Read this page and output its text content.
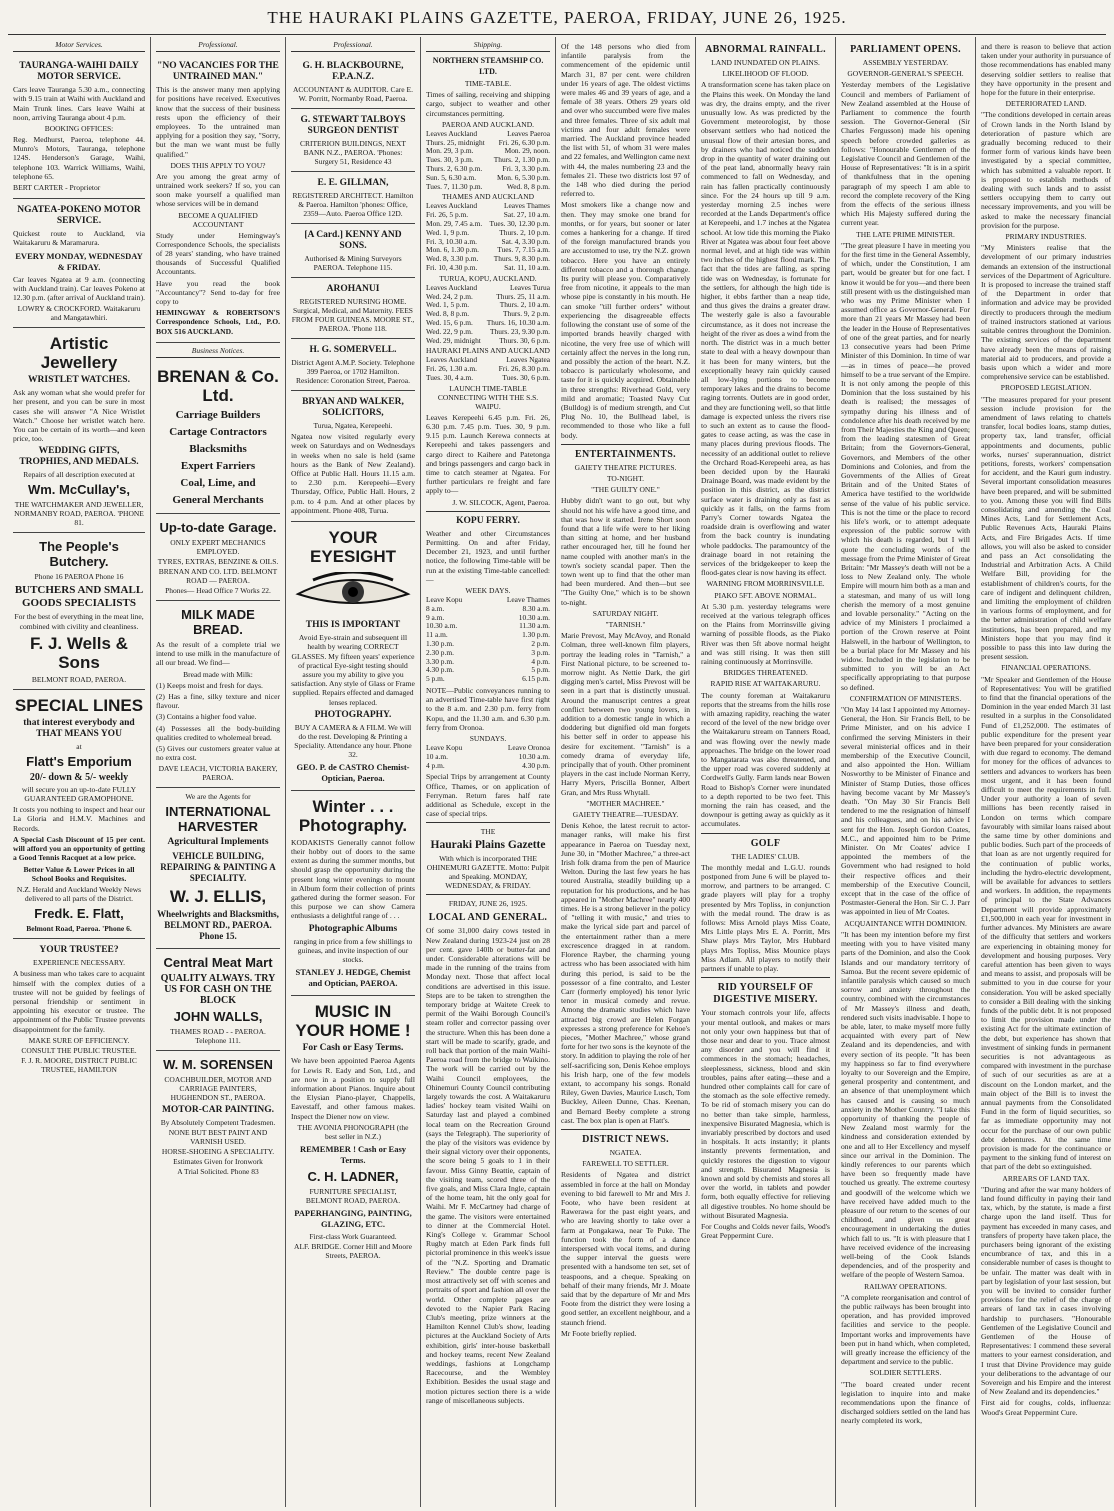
THE HAURAKI PLAINS GAZETTE, PAEROA, FRIDAY, JUNE 26, 1925.
Motor Services.
TAURANGA-WAIHI DAILY MOTOR SERVICE.
Cars leave Tauranga 5.30 a.m., connecting with 9.15 train at Waihi with Auckland and Main Trunk lines. Cars leave Waihi at noon, arriving Tauranga about 4 p.m.
BOOKING OFFICES:
Reg. Medhurst, Paeroa, telephone 44. Munro's Motors, Tauranga, telephone 124S. Henderson's Garage, Waihi, telephone 103. Warrick Williams, Waihi, telephone 65.
BERT CARTER - Proprietor
NGATEA-POKENO MOTOR SERVICE.
Quickest route to Auckland, via Waitakaruru & Maramarura.
EVERY MONDAY, WEDNESDAY & FRIDAY.
Car leaves Ngatea at 9 a.m. (connecting with Auckland train). Car leaves Pokeno at 12.30 p.m. (after arrival of Auckland train).
LOWRY & CROCKFORD. Waitakaruru and Mangatawhiri.
Artistic Jewellery
WRISTLET WATCHES.
Ask any woman what she would prefer for her present, and you can be sure in most cases she will answer "A Nice Wristlet Watch." Choose her wristlet watch here. You can be certain of its worth—and keen price, too.
WEDDING GIFTS, TROPHIES, AND MEDALS.
Repairs of all description executed at
Wm. McCullay's,
THE WATCHMAKER AND JEWELLER, NORMANBY ROAD, PAEROA. 'PHONE 81.
The People's Butchery.
Phone 16 PAEROA Phone 16
BUTCHERS AND SMALL GOODS SPECIALISTS
For the best of everything in the meat line, combined with civility and cleanliness.
F. J. Wells & Sons
BELMONT ROAD, PAEROA.
SPECIAL LINES
that interest everybody and THAT MEANS YOU
at
Flatt's Emporium
20/- down & 5/- weekly
will secure you an up-to-date FULLY GUARANTEED GRAMOPHONE.
It costs you nothing to inspect and hear our La Gloria and H.M.V. Machines and Records.
A Special Cash Discount of 15 per cent. will afford you an opportunity of getting a Good Tennis Racquet at a low price.
Better Value & Lower Prices in all School Books and Requisites.
N.Z. Herald and Auckland Weekly News delivered to all parts of the District.
Fredk. E. Flatt,
Belmont Road, Paeroa. 'Phone 6.
YOUR TRUSTEE?
EXPERIENCE NECESSARY.
A business man who takes care to acquaint himself with the complex duties of a trustee will not be guided by feelings of personal friendship or sentiment in appointing his executor or trustee. The appointment of the Public Trustee prevents disappointment for the family.
MAKE SURE OF EFFICIENCY.
CONSULT THE PUBLIC TRUSTEE.
F. J. R. MOORE, DISTRICT PUBLIC TRUSTEE, HAMILTON
Professional.
"NO VACANCIES FOR THE UNTRAINED MAN."
This is the answer many men applying for positions have received. Executives know that the success of their business rests upon the efficiency of their employees. To the untrained man applying for a position they say, "Sorry, but the man we want must be fully qualified."
DOES THIS APPLY TO YOU?
Are you among the great army of untrained work seekers? If so, you can soon make yourself a qualified man whose services will be in demand
BECOME A QUALIFIED ACCOUNTANT
Study under Hemingway's Correspondence Schools, the specialists of 28 years' standing, who have trained thousands of Successful Qualified Accountants.
Have you read the book "Accountancy"? Send to-day for free copy to
HEMINGWAY & ROBERTSON'S Correspondence Schools, Ltd., P.O. BOX 516 AUCKLAND.
Business Notices.
BRENAN & Co. Ltd.
Carriage Builders
Cartage Contractors
Blacksmiths
Expert Farriers
Coal, Lime, and
General Merchants
Up-to-date Garage.
ONLY EXPERT MECHANICS EMPLOYED.
TYRES, EXTRAS, BENZINE & OILS.
BRENAN AND CO. LTD. BELMONT ROAD — PAEROA.
Phones— Head Office 7 Works 22.
MILK MADE BREAD.
As the result of a complete trial we intend to use milk in the manufacture of all our bread. We find—
Bread made with Milk:
(1) Keeps moist and fresh for days.
(2) Has a fine, silky texture and nicer flavour.
(3) Contains a higher food value.
(4) Possesses all the body-building qualities credited to wholemeal bread.
(5) Gives our customers greater value at no extra cost.
DAVE LEACH, VICTORIA BAKERY, PAEROA.
We are the Agents for
INTERNATIONAL HARVESTER
Agricultural Implements
VEHICLE BUILDING, REPAIRING & PAINTING A SPECIALITY.
W. J. ELLIS,
Wheelwrights and Blacksmiths, BELMONT RD., PAEROA. Phone 15.
Central Meat Mart
QUALITY ALWAYS. TRY US FOR CASH ON THE BLOCK
JOHN WALLS,
THAMES ROAD - - PAEROA. Telephone 111.
W. M. SORENSEN
COACHBUILDER, MOTOR AND CARRIAGE PAINTERS, HUGHENDON ST., PAEROA.
MOTOR-CAR PAINTING.
By Absolutely Competent Tradesmen.
NONE BUT BEST PAINT AND VARNISH USED.
HORSE-SHOEING A SPECIALITY.
Estimates Given for Ironwork
A Trial Solicited. Phone 83
Professional.
G. H. BLACKBOURNE, F.P.A.N.Z.
ACCOUNTANT & AUDITOR. Care E. W. Porritt, Normanby Road, Paeroa.
G. STEWART TALBOYS SURGEON DENTIST
CRITERION BUILDINGS, NEXT BANK N.Z., PAEROA. 'Phones: Surgery 51, Residence 43
E. E. GILLMAN,
REGISTERED ARCHITECT. Hamilton & Paeroa. Hamilton 'phones: Office, 2359—Auto. Paeroa Office 12D.
[A Card.] KENNY AND SONS.
Authorised & Mining Surveyors PAEROA. Telephone 115.
AROHANUI
REGISTERED NURSING HOME. Surgical, Medical, and Maternity. FEES FROM FOUR GUINEAS. MOORE ST., PAEROA. 'Phone 118.
H. G. SOMERVELL.
District Agent A.M.P. Society. Telephone 399 Paeroa, or 1702 Hamilton. Residence: Coronation Street, Paeroa.
BRYAN AND WALKER, SOLICITORS,
Turua, Ngatea, Kerepeehi.
Ngatea now visited regularly every week on Saturdays and on Wednesdays in weeks when no sale is held (same hours as the Bank of New Zealand). Office at Public Hall. Hours 11.15 a.m. to 2.30 p.m. Kerepeehi—Every Thursday, Office, Public Hall. Hours, 2 p.m. to 4 p.m. And at other places by appointment. Phone 408, Turua.
YOUR EYESIGHT
THIS IS IMPORTANT
Avoid Eye-strain and subsequent ill health by wearing CORRECT GLASSES. My fifteen years' experience of practical Eye-sight testing should assure you my ability to give you satisfaction. Any style of Glass or Frame supplied. Repairs effected and damaged lenses replaced.
PHOTOGRAPHY.
BUY A CAMERA & A FILM. We will do the rest. Developing & Printing a Speciality. Attendance any hour. Phone 32.
GEO. P. de CASTRO Chemist-Optician, Paeroa.
Winter . . . Photography.
KODAKISTS Generally cannot follow their hobby out of doors to the same extent as during the summer months, but should grasp the opportunity during the present long winter evenings to mount in Album form their collection of prints gathered during the former season. For this purpose we can show Camera enthusiasts a delightful range of . . .
Photographic Albums
ranging in price from a few shillings to guineas, and invite inspection of our stocks.
STANLEY J. HEDGE, Chemist and Optician, PAEROA.
MUSIC IN YOUR HOME !
For Cash or Easy Terms.
We have been appointed Paeroa Agents for Lewis R. Eady and Son, Ltd., and are now in a position to supply full information about Pianos. Inquire about the Elysian Piano-player, Chappells, Eavestaff, and other famous makes. Inspect the Diener now on view.
THE AVONIA PHONOGRAPH (the best seller in N.Z.)
REMEMBER ! Cash or Easy Terms.
C. H. LADNER,
FURNITURE SPECIALIST, BELMONT ROAD, PAEROA.
PAPERHANGING, PAINTING, GLAZING, ETC.
First-class Work Guaranteed.
ALF. BRIDGE. Corner Hill and Moore Streets, PAEROA.
Shipping.
NORTHERN STEAMSHIP CO. LTD.
TIME-TABLE.
Times of sailing, receiving and shipping cargo, subject to weather and other circumstances permitting.
PAEROA AND AUCKLAND.
Leaves Auckland	Leaves Paeroa
Thurs. 25, midnight	Fri. 26, 6.30 p.m.
Mon. 29, 3 p.m.	Mon. 29, noon.
Tues. 30, 3 p.m.	Thurs. 2, 1.30 p.m.
Thurs. 2, 6.30 p.m.	Fri. 3, 3.30 p.m.
Sun. 5, 6.30 a.m.	Mon. 6, 5.30 p.m.
Tues. 7, 11.30 p.m.	Wed. 8, 8 p.m.
THAMES AND AUCKLAND
Leaves Auckland	Leaves Thames
Fri. 26, 5 p.m.	Sat. 27, 10 a.m.
Mon. 29, 7.45 a.m.	Tues. 30, 12.30 p.m.
Wed. 1, 9 p.m.	Thurs. 2, 10 p.m.
Fri. 3, 10.30 a.m.	Sat. 4, 3.30 p.m.
Mon. 6, 1.30 p.m.	Tues. 7, 7.15 a.m.
Wed. 8, 3.30 p.m.	Thurs. 9, 8.30 p.m.
Fri. 10, 4.30 p.m.	Sat. 11, 10 a.m.
TURUA, KOPU, AUCKLAND.
Leaves Auckland	Leaves Turua
Wed. 24, 2 p.m.	Thurs. 25, 11 a.m.
Wed. 1, 5 p.m.	Thurs. 2, 10 a.m.
Wed. 8, 8 p.m.	Thurs. 9, 2 p.m.
Wed. 15, 6 p.m.	Thurs. 16, 10.30 a.m.
Wed. 22, 9 p.m.	Thurs. 23, 9.30 p.m.
Wed. 29, midnight	Thurs. 30, 6 p.m.
HAURAKI PLAINS AND AUCKLAND
Leaves Auckland	Leaves Ngatea
Fri. 26, 1.30 a.m.	Fri. 26, 8.30 p.m.
Tues. 30, 4 a.m.	Tues. 30, 6 p.m.
LAUNCH TIME-TABLE CONNECTING WITH THE S.S. WAIPU.
Leaves Kerepeehi 6.45 p.m. Fri. 26, 6.30 p.m. 7.45 p.m. Tues. 30, 9 p.m. 9.15 p.m. Launch Kerewa connects at Kerepeehi and takes passengers and cargo direct to Kaihere and Patetonga and brings passengers and cargo back in time to catch steamer at Ngatea. For further particulars re freight and fare apply to—
J. W. SILCOCK, Agent, Paeroa.
KOPU FERRY.
Weather and other Circumstances Permitting. On and after Friday, December 21, 1923, and until further notice, the following Time-table will be run at the existing Time-table cancelled:—
WEEK DAYS.
Leave Kopu	Leave Thames
8 a.m.	8.30 a.m.
9 a.m.	10.30 a.m.
10.30 a.m.	11.30 a.m.
11 a.m.	1.30 p.m.
1.30 p.m.	2 p.m.
2.30 p.m.	3 p.m.
3.30 p.m.	4 p.m.
4.30 p.m.	5 p.m.
5 p.m.	6.15 p.m.
NOTE—Public conveyances running to an advertised Time-table have first right to the 8 a.m. and 2.30 p.m. ferry from Kopu, and the 11.30 a.m. and 6.30 p.m. ferry from Oronoa.
SUNDAYS.
Leave Kopu	Leave Oronoa
10 a.m.	10.30 a.m.
4 p.m.	4.30 p.m.
Special Trips by arrangement at County Office, Thames, or on application of Ferryman. Return fares half rate additional as Schedule, except in the case of special trips.
THE
Hauraki Plains Gazette
With which is incorporated THE OHINEMURI GAZETTE. Motto: Pulpit and Speaking. MONDAY, WEDNESDAY, & FRIDAY.
FRIDAY, JUNE 26, 1925.
LOCAL AND GENERAL.
Of some 31,000 dairy cows tested in New Zealand during 1923-24 just on 28 per cent. gave 140lb or butter-fat and under. Considerable alterations will be made in the running of the trains from Monday next. Those that affect local conditions are advertised in this issue. Steps are to be taken to strengthen the temporary bridge at Waitete Creek to permit of the Waihi Borough Council's steam roller and corrector passing over the structure. When this has been done a start will be made to scarify, grade, and roll back that portion of the main Waihi-Paeroa road from the bridge to Waikino. The work will be carried out by the Waihi Council employees, the Ohinemuri County Council contributing largely towards the cost. A Waitakaruru ladies' hockey team visited Waihi on Saturday last and played a combined local team on the Recreation Ground (says the Telegraph). The superiority of the play of the visitors was evidence by their signal victory over their opponents, the score being 5 goals to 1 in their favour. Miss Ginny Beattie, captain of the visiting team, scored three of the five goals, and Miss Clara Ingle, captain of the home team, hit the only goal for Waihi. Mr F. McCartney had charge of the game. The visitors were entertained to dinner at the Commercial Hotel. King's College v. Grammar School Rugby match at Eden Park finds full pictorial prominence in this week's issue of the "N.Z. Sporting and Dramatic Review." The double centre page is most attractively set off with scenes and portraits of sport and fashion all over the world. Other complete pages are devoted to the Napier Park Racing Club's meeting, prize winners at the Hamilton Kennel Club's show, leading pictures at the Auckland Society of Arts exhibition, girls' inter-house basketball and hockey teams, recent New Zealand weddings, fashions at Longchamp Racecourse, and the Wembley Exhibition. Besides the usual stage and motion pictures section there is a wide range of miscellaneous subjects.
Of the 148 persons who died from infantile paralysis from the commencement of the epidemic until March 31, 87 per cent. were children under 16 years of age. The oldest victims were males 46 and 39 years of age, and a female of 38 years. Others 29 years old and over who succumbed were five males and three females. Three of six adult mal victims and four adult females were married. The Auckland province headed the list with 51, of whom 31 were males and 22 females, and Wellington came next with 44, the males numbering 23 and the females 21. These two districts lost 97 of the 148 who died during the period referred to.
Most smokers like a change now and then. They may smoke one brand for months, or for years, but sooner or later comes a hankering for a change. If tired of the foreign manufactured brands you are accustomed to use, try the N.Z. grown tobacco. Here you have an entirely different tobacco and a thorough change. Its purity will please you. Comparatively free from nicotine, it appeals to the man whose pipe is constantly in his mouth. He can smoke "till further orders" without experiencing the disagreeable effects following the constant use of some of the imported brands heavily charged with nicotine, the very free use of which will certainly affect the nerves in the long run, and possibly the action of the heart. N.Z. tobacco is particularly wholesome, and taste for it is quickly acquired. Obtainable in three strengths: Riverhead Gold, very mild and aromatic; Toasted Navy Cut (Bulldog) is of medium strength, and Cut Plug No. 10, the Bullhead label, is recommended to those who like a full body.
ENTERTAINMENTS.
GAIETY THEATRE PICTURES.
TO-NIGHT.
"THE GUILTY ONE."
Hubby didn't want to go out, but why should not his wife have a good time, and that was how it started. Irene Short soon found that a life wife were to her liking than sitting at home, and her husband rather encouraged her, till he found her name coupled with another man's in the town's society scandal paper. Then the town went up to find that the other man had been murdered. And then—but see "The Guilty One," which is to be shown to-night.
SATURDAY NIGHT.
"TARNISH."
Marie Prevost, May McAvoy, and Ronald Colman, three well-known film players, portray the leading roles in "Tarnish," a First National picture, to be screened to-morrow night. As Nettie Dark, the girl digging men's cartel, Miss Prevost will be seen in a part that is distinctly unusual. Around the manuscript centres a great conflict between two young lovers, in addition to a domestic tangle in which a doddering but dignified old man forgets his better self in order to appease his desire for excitement. "Tarnish" is a comedy drama of everyday life, principally that of youth. Other prominent players in the cast include Norman Kerry, Harry Myers, Priscilla Bonner, Albert Gran, and Mrs Russ Whytall.
"MOTHER MACHREE."
GAIETY THEATRE—TUESDAY.
Denis Kehoe, the latest recruit to actor-manager ranks, will make his first appearance in Paeroa on Tuesday next, June 30, in "Mother Machree," a three-act Irish folk drama from the pen of Maurice Welton. During the last few years he has toured Australia, steadily building up a reputation for his productions, and he has appeared in "Mother Machree" nearly 400 times. He is a strong believer in the policy of "telling it with music," and tries to make the lyrical side part and parcel of the entertainment rather than a mere excrescence dragged in at random. Florence Rayber, the charming young actress who has been associated with him during this period, is said to be the possessor of a fine contralto, and Lester Carr (formerly employed) his tenor lyric tenor in musical comedy and revue. Among the dramatic studies which have attracted big crowd are Helen Forgan expresses a strong preference for Kehoe's pieces, "Mother Machree," whose grand forte for her two sons is the keynote of the story. In addition to playing the role of her self-sacrificing son, Denis Kehoe employs his Irish harp, one of the few models extant, to accompany his songs. Ronald Riley, Gwen Davies, Maurice Lusch, Tom Buckley, Aileen Dunne, Chas. Keenan, and Bernard Beeby complete a strong cast. The box plan is open at Flatt's.
DISTRICT NEWS.
NGATEA.
FAREWELL TO SETTLER.
Residents of Ngatea and district assembled in force at the hall on Monday evening to bid farewell to Mr and Mrs J. Foote, who have been resident at Rawerawa for the past eight years, and who are leaving shortly to take over a farm at Pongakawa, near Te Puke. The function took the form of a dance interspersed with vocal items, and during the supper interval the guests were presented with a handsome ten set, set of teaspoons, and a cheque. Speaking on behalf of their many friends, Mr J. Moate said that by the departure of Mr and Mrs Foote from the district they were losing a good settler, an excellent neighbour, and a staunch friend.
Mr Foote briefly replied.
ABNORMAL RAINFALL.
LAND INUNDATED ON PLAINS.
LIKELIHOOD OF FLOOD.
A transformation scene has taken place on the Plains this week. On Monday the land was dry, the drains empty, and the river unusually low. As was predicted by the Government meteorologist, by those observant settlers who had noticed the unusual flow of their artesian bores, and by drainers who had noticed the sudden drop in the quantity of water draining out of the peat land, abnormally heavy rain commenced to fall on Wednesday, and rain has fallen practically continuously since. For the 24 hours up till 9 a.m. yesterday morning 2.5 inches were recorded at the Lands Department's office at Kerepeehi, and 1.7 inches at the Ngatea school. At low tide this morning the Piako River at Ngatea was about four feet above normal level, and at high tide was within two inches of the highest flood mark. The fact that the tides are falling, as spring tide was on Wednesday, is fortunate for the settlers, for although the high tide is higher, it ebbs farther than a neap tide, and thus gives the drains a greater draw. The westerly gale is also a favourable circumstance, as it does not increase the height of the river as does a wind from the north. The district was in a much better state to deal with a heavy downpour than it has been for many winters, but the exceptionally heavy rain quickly caused all low-lying portions to become temporary lakes and the drains to become raging torrents. Outlets are in good order, and they are functioning well, so that little damage is expected unless the rivers rise to such an extent as to cause the flood-gates to cease acting, as was the case in many places during previous floods. The necessity of an additional outlet to relieve the Orchard Road-Kerepeehi area, as has been decided upon by the Hauraki Drainage Board, was made evident by the position in this district, as the district surface water is draining only as fast as quickly as it falls, on the farms from Parry's Corner towards Ngatea the roadside drain is overflowing and water from the back country is inundating whole paddocks. The paramountcy of the drainage board in not retaining the services of the bridgekeeper to keep the flood-gates clear is now having its effect.
WARNING FROM MORRINSVILLE.
PIAKO 5FT. ABOVE NORMAL.
At 5.30 p.m. yesterday telegrams were received at the various telegraph offices on the Plains from Morrinsville giving warning of possible floods, as the Piako River was then 5ft above normal height and was still rising. It was then still raining continuously at Morrinsville.
BRIDGES THREATENED.
RAPID RISE AT WAITAKARURU.
The county foreman at Waitakaruru reports that the streams from the hills rose with amazing rapidity, reaching the water record of the level of the new bridge over the Waitakaruru stream on Tanners Road, and was flowing over the newly made approaches. The bridge on the lower road to Mangatarata was also threatened, and the upper road was covered suddenly at Cordwell's Gully. Farm lands near Bowen Road to Bishop's Corner were inundated to a depth reported to be two feet. This morning the rain has ceased, and the downpour is getting away as quickly as it accumulates.
GOLF
THE LADIES' CLUB.
The monthly medal and L.G.U. rounds postponed from June 6 will be played to-morrow, and partners to be arranged. C grade players will play for a trophy presented by Mrs Topliss, in conjunction with the medal round. The draw is as follows: Miss Arnold plays Miss Coate, Mrs Little plays Mrs E. A. Porritt, Mrs Shaw plays Mrs Taylor, Mrs Hubbard plays Mrs Topliss, Miss Mounice plays Miss Adlam. All players to notify their partners if unable to play.
RID YOURSELF OF DIGESTIVE MISERY.
Your stomach controls your life, affects your mental outlook, and makes or mars not only your own happiness but that of those near and dear to you. Trace almost any disorder and you will find it commences in the stomach; headaches, sleeplessness, sickness, blood and skin troubles, pains after eating—these and a hundred other complaints call for care of the stomach as the sole effective remedy. To be rid of stomach misery you can do no better than take simple, harmless, inexpensive Bisurated Magnesia, which is invariably prescribed by doctors and used in hospitals. It acts instantly; it plants instantly prevents fermentation, and quickly restores the digestion to vigour and strength. Bisurated Magnesia is known and sold by chemists and stores all over the world, in tablets and powder form, both equally effective for relieving all digestive troubles. No home should be without Bisurated Magnesia.
For Coughs and Colds never fails, Wood's Great Peppermint Cure.
PARLIAMENT OPENS.
ASSEMBLY YESTERDAY.
GOVERNOR-GENERAL'S SPEECH.
Yesterday members of the Legislative Council and members of Parliament of New Zealand assembled at the House of Parliament to commence the fourth session. The Governor-General (Sir Charles Fergusson) made his opening speech before crowded galleries as follows: "Honourable Gentlemen of the Legislative Council and Gentlemen of the House of Representatives: "It is in a spirit of thankfulness that in the opening paragraph of my speech I am able to record the complete recovery of the King from the effects of the serious illness which His Majesty suffered during the current year.
THE LATE PRIME MINISTER.
"The great pleasure I have in meeting you for the first time in the General Assembly, of which, under the Constitution, I am part, would be greater but for one fact. I know it would be for you—and there been still present with us the distinguished man who was my Prime Minister when I assumed office as Governor-General. For more than 21 years Mr Massey had been the leader in the House of Representatives of one of the great parties, and for nearly 13 consecutive years had been Prime Minister of this Dominion. In time of war—as in times of peace—he proved himself to be a true servant of the Empire. It is not only among the people of this Dominion that the loss sustained by his death is realised; the messages of sympathy during his illness and of condolence after his death received by me from Their Majesties the King and Queen; from the leading statesmen of Great Britain; from the Governors-General, Governors, and Members of the other Dominions and Colonies, and from the Governments of the Allies of Great Britain and of the United States of America have testified to the worldwide sense of the value of his public service. This is not the time or the place to record his life's work, or to attempt adequate expression of the public sorrow with which his death is regarded, but I will quote the concluding words of the message from the Prime Minister of Great Britain: "Mr Massey's death will not be a loss to New Zealand only. The whole Empire will mourn him both as a man and a statesman, and many of us will long cherish the memory of a most genuine and lovable personality." "Acting on the advice of my Ministers I proclaimed a portion of the Crown reserve at Point Halswell, in the harbour of Wellington, to be a burial place for Mr Massey and his widow. Included in the legislation to be submitted to you will be an Act specifically appropriating to that purpose so defined.
CONFIRMATION OF MINISTERS.
"On May 14 last I appointed my Attorney-General, the Hon. Sir Francis Bell, to be Prime Minister, and on his advice I confirmed the serving Ministers in their several ministerial offices and in their membership of the Executive Council, and also appointed the Hon. William Nosworthy to be Minister of Finance and Minister of Stamp Duties, those offices having become vacant by Mr Massey's death. "On May 30 Sir Francis Bell tendered to me the resignation of himself and his colleagues, and on his advice I sent for the Hon. Joseph Gordon Coates, M.C., and appointed him to be Prime Minister. On Mr Coates' advice I appointed the members of the Government who had resigned to hold their respective offices and their membership of the Executive Council, except that in the case of the office of Postmaster-General the Hon. Sir C. J. Parr was appointed in lieu of Mr Coates.
ACQUAINTANCE WITH DOMINION.
"It has been my intention before my first meeting with you to have visited many parts of the Dominion, and also the Cook Islands and our mandatory territory of Samoa. But the recent severe epidemic of infantile paralysis which caused so much sorrow and anxiety throughout the country, combined with the circumstances of Mr Massey's illness and death, rendered such visits inadvisable. I hope to be able, later, to make myself more fully acquainted with every part of New Zealand and its dependencies, and with every section of its people. "It has been my happiness so far to find everywhere loyalty to our Sovereign and the Empire, general prosperity and contentment, and an absence of that unemployment which has caused and is causing so much anxiety in the Mother Country. "I take this opportunity of thanking the people of New Zealand most warmly for the kindness and consideration extended by one and all to Her Excellency and myself since our arrival in the Dominion. The kindly references to our parents which have been so frequently made have touched us greatly. The extreme courtesy and goodwill of the welcome which we have received have added much to the pleasure of our return to the scenes of our childhood, and given us great encouragement in undertaking the duties which fall to us. "It is with pleasure that I have received evidence of the increasing well-being of the Cook Islands dependencies, and of the prosperity and welfare of the people of Western Samoa.
RAILWAY OPERATIONS.
"A complete reorganisation and control of the public railways has been brought into operation, and has provided improved facilities and service to the people. Important works and improvements have been put in hand which, when completed, will greatly increase the efficiency of the department and service to the public.
SOLDIER SETTLERS.
"The board created under recent legislation to inquire into and make recommendations upon the finance of discharged soldiers settled on the land has nearly completed its work,
and there is reason to believe that action taken under your authority in pursuance of those recommendations has enabled many deserving soldier settlers to realise that they have opportunity in the present and hope for the future in their enterprise.
DETERIORATED LAND.
"The conditions developed in certain areas of Crown lands in the North Island by deterioration of pasture which are gradually becoming reduced to their former form of various kinds have been investigated by a special committee, which has submitted a valuable report. It is proposed to establish methods of dealing with such lands and to assist settlers occupying them to carry out necessary improvements, and you will be asked to make the necessary financial provision for the purpose.
PRIMARY INDUSTRIES.
"My Ministers realise that the development of our primary industries demands an extension of the instructional services of the Department of Agriculture. It is proposed to increase the trained staff of the Department in order that information and advice may be provided directly to producers through the medium of trained instructors stationed at various suitable centres throughout the Dominion. The existing services of the department have already been the means of raising material aid to producers, and provide a basis upon which a wider and more comprehensive service can be established.
PROPOSED LEGISLATION.
"The measures prepared for your present session include provision for the amendment of laws relating to chattels transfer, local bodies loans, stamp duties, property tax, land transfer, official appointments and documents, public works, nurses' superannuation, district petitions, forests, workers' compensation for accident, and the Kauri gum industry. Several important consolidation measures have been prepared, and will be submitted to you. Among these you will find Bills consolidating and amending the Coal Mines Acts, Land for Settlement Acts, Public Revenues Acts, Hauraki Plains Acts, and Fire Brigades Acts. If time allows, you will also be asked to consider and pass an Act consolidating the Industrial and Arbitration Acts. A Child Welfare Bill, providing for the establishment of children's courts, for the care of indigent and delinquent children, and limiting the employment of children in various forms of employment, and for the better administration of child welfare institutions, has been prepared, and my Ministers hope that you may find it possible to pass this into law during the present session.
FINANCIAL OPERATIONS.
"Mr Speaker and Gentlemen of the House of Representatives: You will be gratified to find that the financial operations of the Dominion in the year ended March 31 last resulted in a surplus in the Consolidated Fund of £1,252,000. The estimates of public expenditure for the present year have been prepared for your consideration with due regard to economy. The demand for money for the offices of advances to settlers and advances to workers has been most urgent, and it has been found difficult to meet the requirements in full. Under your authority a loan of seven millions has been recently raised in London on terms which compare favourably with similar loans raised about the same time by other dominions and public bodies. Such part of the proceeds of that loan as are not urgently required for the continuation of public works, including the hydro-electric development, will be available for advances to settlers and workers. In addition, the repayments of principal to the State Advances Department will provide approximately £1,500,000 in each year for investment in further advances. My Ministers are aware of the difficulty that settlers and workers are experiencing in obtaining money for development and housing purposes. Very careful attention has been given to ways and means to assist, and proposals will be submitted to you in due course for your consideration. You will be asked specially to consider a Bill dealing with the sinking funds of the public debt. It is not proposed to limit the provision made under the existing Act for the ultimate extinction of the debt, but experience has shown that investment of sinking funds in permanent securities is not advantageous as compared with investment in the purchase of such of our securities as are at a discount on the London market, and the main object of the Bill is to invest the annual payments from the Consolidated Fund in the form of liquid securities, so far as immediate opportunity may not occur for the purchase of our own public debt debentures. At the same time provision is made for the continuance or payment to the sinking fund of interest on that part of the debt so extinguished.
ARREARS OF LAND TAX.
"During and after the war many holders of land found difficulty in paying their land tax, which, by the statute, is made a first charge upon the land itself. Thus for payment has exceeded in many cases, and transfers of property have taken place, the purchasers being ignorant of the existing encumbrance of tax, and this in a considerable number of cases is thought to be unfair. The matter was dealt with in part by legislation of your last session, but you will be invited to consider further provisions for the relief of the charge of arrears of land tax in cases involving hardship to purchasers. "Honourable Gentlemen of the Legislative Council and Gentlemen of the House of Representatives: I commend these several matters to your earnest consideration, and I trust that Divine Providence may guide your deliberations to the advantage of our Sovereign and his Empire and the interest of New Zealand and its dependencies."
First aid for coughs, colds, influenza: Wood's Great Peppermint Cure.
